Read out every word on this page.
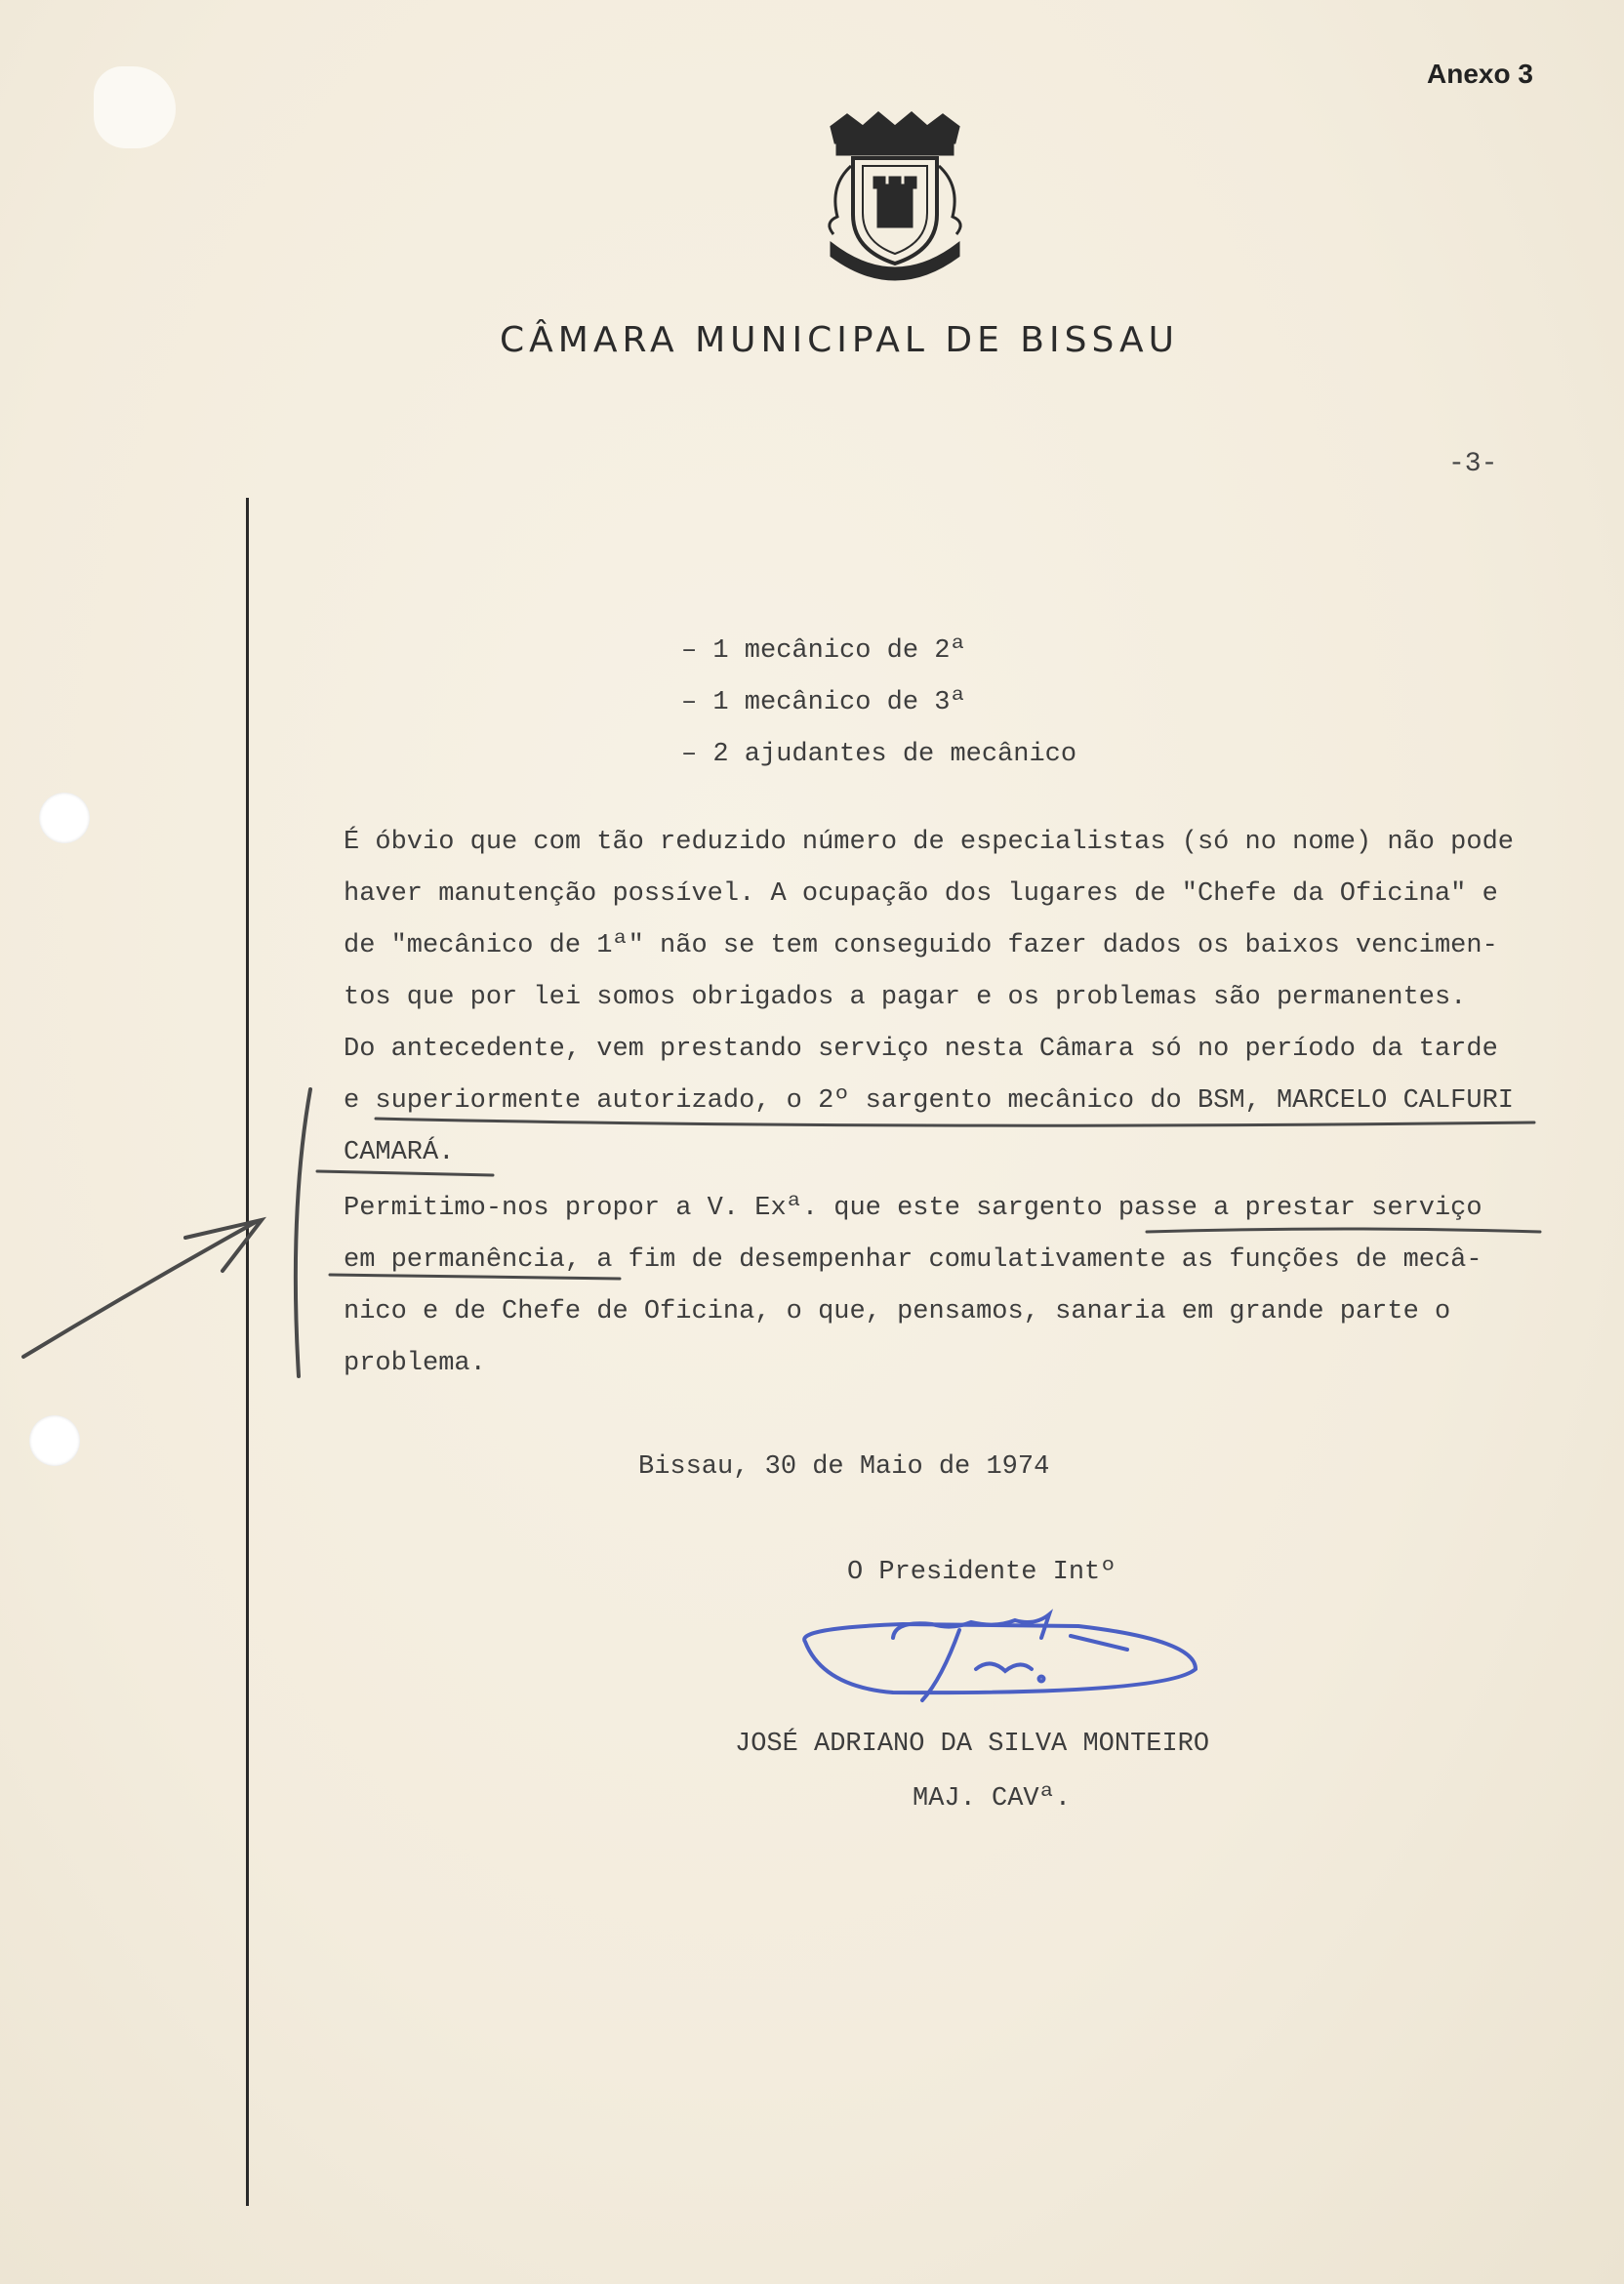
Anexo 3
CÂMARA MUNICIPAL DE BISSAU
-3-
– 1 mecânico de 2ª
– 1 mecânico de 3ª
– 2 ajudantes de mecânico
É óbvio que com tão reduzido número de especialistas (só no nome) não pode
haver manutenção possível. A ocupação dos lugares de "Chefe da Oficina" e
de "mecânico de 1ª" não se tem conseguido fazer dados os baixos vencimen-
tos que por lei somos obrigados a pagar e os problemas são permanentes.
Do antecedente, vem prestando serviço nesta Câmara só no período da tarde
e superiormente autorizado, o 2º sargento mecânico do BSM, MARCELO CALFURI
CAMARÁ.
Permitimo-nos propor a V. Exª. que este sargento passe a prestar serviço
em permanência, a fim de desempenhar comulativamente as funções de mecâ-
nico e de Chefe de Oficina, o que, pensamos, sanaria em grande parte o
problema.
Bissau, 30 de Maio de 1974
O Presidente Intº
JOSÉ ADRIANO DA SILVA MONTEIRO
MAJ. CAVª.
